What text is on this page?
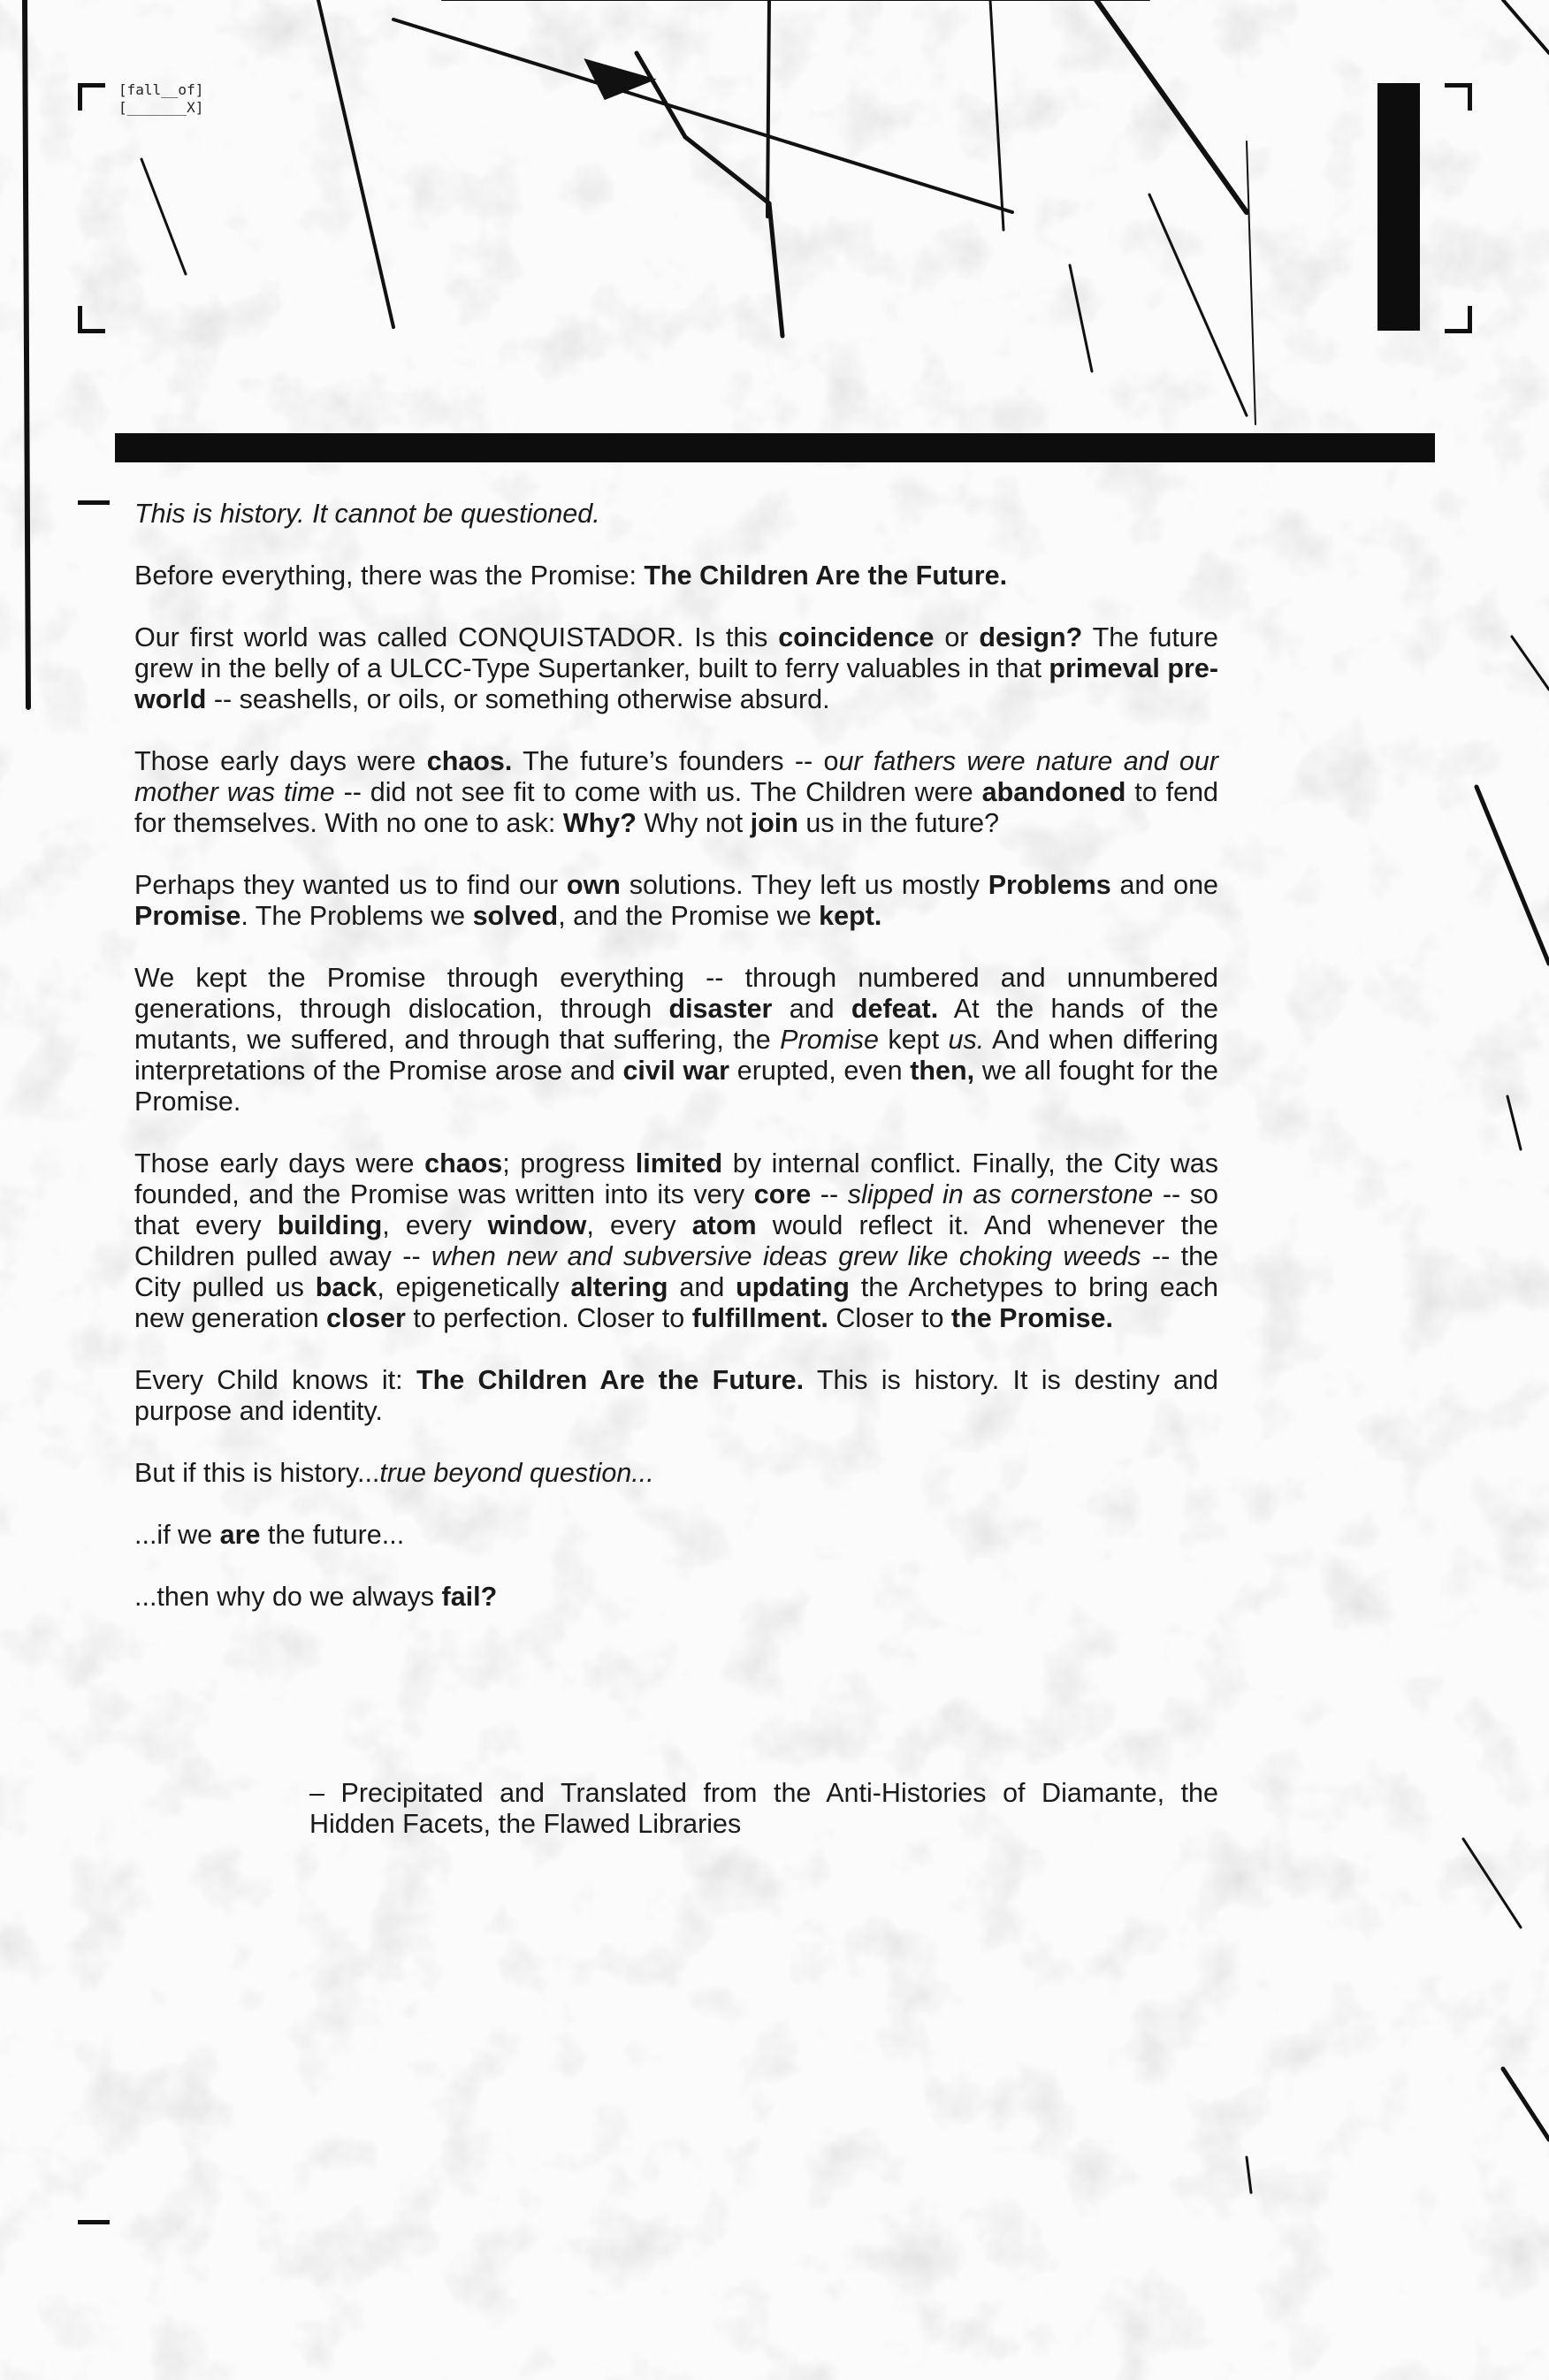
[fall__of]
[_______X]

This is history. It cannot be questioned.

Before everything, there was the Promise: The Children Are the Future.

Our first world was called CONQUISTADOR. Is this coincidence or design? The future grew in the belly of a ULCC-Type Supertanker, built to ferry valuables in that primeval pre-world -- seashells, or oils, or something otherwise absurd.

Those early days were chaos. The future’s founders -- our fathers were nature and our mother was time -- did not see fit to come with us. The Children were abandoned to fend for themselves. With no one to ask: Why? Why not join us in the future?

Perhaps they wanted us to find our own solutions. They left us mostly Problems and one Promise. The Problems we solved, and the Promise we kept.

We kept the Promise through everything -- through numbered and unnumbered generations, through dislocation, through disaster and defeat. At the hands of the mutants, we suffered, and through that suffering, the Promise kept us. And when differing interpretations of the Promise arose and civil war erupted, even then, we all fought for the Promise.

Those early days were chaos; progress limited by internal conflict. Finally, the City was founded, and the Promise was written into its very core -- slipped in as cornerstone -- so that every building, every window, every atom would reflect it. And whenever the Children pulled away -- when new and subversive ideas grew like choking weeds -- the City pulled us back, epigenetically altering and updating the Archetypes to bring each new generation closer to perfection. Closer to fulfillment. Closer to the Promise.

Every Child knows it: The Children Are the Future. This is history. It is destiny and purpose and identity.

But if this is history...true beyond question...

...if we are the future...

...then why do we always fail?

– Precipitated and Translated from the Anti-Histories of Diamante, the Hidden Facets, the Flawed Libraries
